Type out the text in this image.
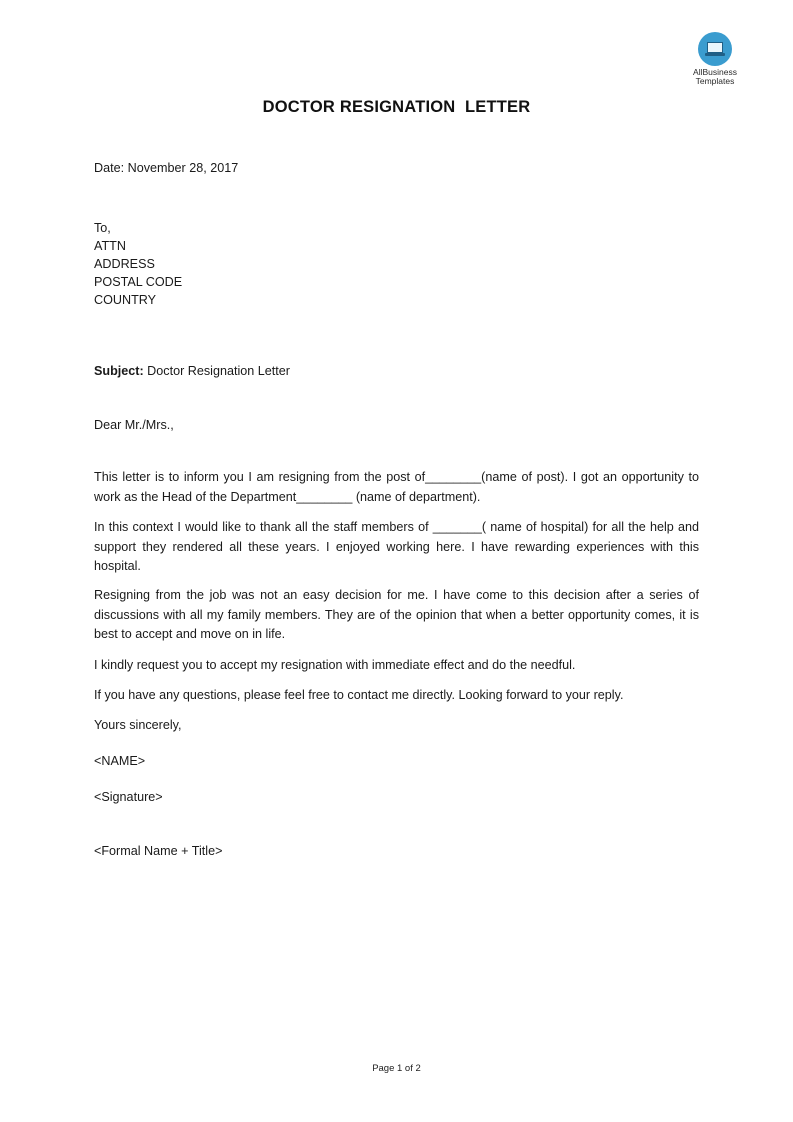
AllBusiness
Templates
DOCTOR RESIGNATION  LETTER
Date: November 28, 2017
To,
ATTN
ADDRESS
POSTAL CODE
COUNTRY
Subject: Doctor Resignation Letter
Dear Mr./Mrs.,
This letter is to inform you I am resigning from the post of________(name of post). I got an opportunity to work as the Head of the Department________ (name of department).
In this context I would like to thank all the staff members of _______( name of hospital) for all the help and support they rendered all these years. I enjoyed working here. I have rewarding experiences with this hospital.
Resigning from the job was not an easy decision for me. I have come to this decision after a series of discussions with all my family members. They are of the opinion that when a better opportunity comes, it is best to accept and move on in life.
I kindly request you to accept my resignation with immediate effect and do the needful.
If you have any questions, please feel free to contact me directly. Looking forward to your reply.
Yours sincerely,
<NAME>
<Signature>
<Formal Name + Title>
Page 1 of 2
